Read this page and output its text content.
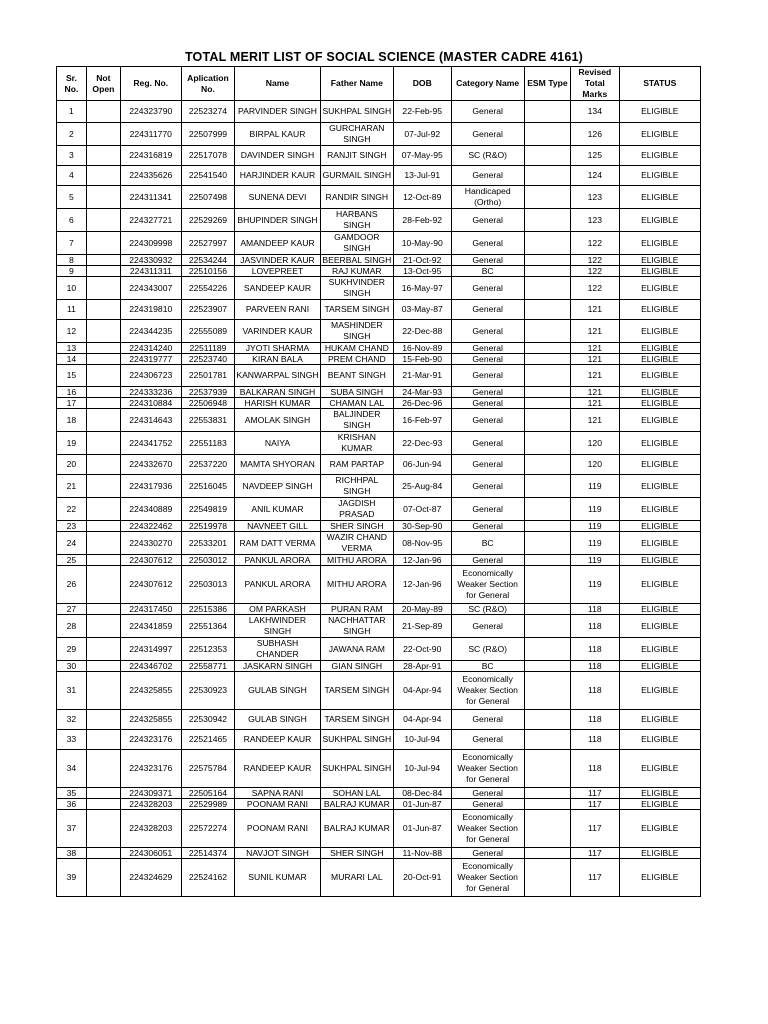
TOTAL MERIT LIST OF SOCIAL SCIENCE (MASTER CADRE 4161)
Sr. No.	Not Open	Reg. No.	Aplication No.	Name	Father Name	DOB	Category Name	ESM Type	Revised Total Marks	STATUS
1		224323790	22523274	PARVINDER SINGH	SUKHPAL SINGH	22-Feb-95	General		134	ELIGIBLE
2		224311770	22507999	BIRPAL KAUR	GURCHARAN SINGH	07-Jul-92	General		126	ELIGIBLE
3		224316819	22517078	DAVINDER SINGH	RANJIT SINGH	07-May-95	SC (R&O)		125	ELIGIBLE
4		224335626	22541540	HARJINDER KAUR	GURMAIL SINGH	13-Jul-91	General		124	ELIGIBLE
5		224311341	22507498	SUNENA DEVI	RANDIR SINGH	12-Oct-89	Handicaped (Ortho)		123	ELIGIBLE
6		224327721	22529269	BHUPINDER SINGH	HARBANS SINGH	28-Feb-92	General		123	ELIGIBLE
7		224309998	22527997	AMANDEEP KAUR	GAMDOOR SINGH	10-May-90	General		122	ELIGIBLE
8		224330932	22534244	JASVINDER KAUR	BEERBAL SINGH	21-Oct-92	General		122	ELIGIBLE
9		224311311	22510156	LOVEPREET	RAJ KUMAR	13-Oct-95	BC		122	ELIGIBLE
10		224343007	22554226	SANDEEP KAUR	SUKHVINDER SINGH	16-May-97	General		122	ELIGIBLE
11		224319810	22523907	PARVEEN RANI	TARSEM SINGH	03-May-87	General		121	ELIGIBLE
12		224344235	22555089	VARINDER KAUR	MASHINDER SINGH	22-Dec-88	General		121	ELIGIBLE
13		224314240	22511189	JYOTI SHARMA	HUKAM CHAND	16-Nov-89	General		121	ELIGIBLE
14		224319777	22523740	KIRAN BALA	PREM CHAND	15-Feb-90	General		121	ELIGIBLE
15		224306723	22501781	KANWARPAL SINGH	BEANT SINGH	21-Mar-91	General		121	ELIGIBLE
16		224333236	22537939	BALKARAN SINGH	SUBA SINGH	24-Mar-93	General		121	ELIGIBLE
17		224310884	22506948	HARISH KUMAR	CHAMAN LAL	26-Dec-96	General		121	ELIGIBLE
18		224314643	22553831	AMOLAK SINGH	BALJINDER SINGH	16-Feb-97	General		121	ELIGIBLE
19		224341752	22551183	NAIYA	KRISHAN KUMAR	22-Dec-93	General		120	ELIGIBLE
20		224332670	22537220	MAMTA SHYORAN	RAM PARTAP	06-Jun-94	General		120	ELIGIBLE
21		224317936	22516045	NAVDEEP SINGH	RICHHPAL SINGH	25-Aug-84	General		119	ELIGIBLE
22		224340889	22549819	ANIL KUMAR	JAGDISH PRASAD	07-Oct-87	General		119	ELIGIBLE
23		224322462	22519978	NAVNEET GILL	SHER SINGH	30-Sep-90	General		119	ELIGIBLE
24		224330270	22533201	RAM DATT VERMA	WAZIR CHAND VERMA	08-Nov-95	BC		119	ELIGIBLE
25		224307612	22503012	PANKUL ARORA	MITHU ARORA	12-Jan-96	General		119	ELIGIBLE
26		224307612	22503013	PANKUL ARORA	MITHU ARORA	12-Jan-96	Economically Weaker Section for General		119	ELIGIBLE
27		224317450	22515386	OM PARKASH	PURAN RAM	20-May-89	SC (R&O)		118	ELIGIBLE
28		224341859	22551364	LAKHWINDER SINGH	NACHHATTAR SINGH	21-Sep-89	General		118	ELIGIBLE
29		224314997	22512353	SUBHASH CHANDER	JAWANA RAM	22-Oct-90	SC (R&O)		118	ELIGIBLE
30		224346702	22558771	JASKARN SINGH	GIAN SINGH	28-Apr-91	BC		118	ELIGIBLE
31		224325855	22530923	GULAB SINGH	TARSEM SINGH	04-Apr-94	Economically Weaker Section for General		118	ELIGIBLE
32		224325855	22530942	GULAB SINGH	TARSEM SINGH	04-Apr-94	General		118	ELIGIBLE
33		224323176	22521465	RANDEEP KAUR	SUKHPAL SINGH	10-Jul-94	General		118	ELIGIBLE
34		224323176	22575784	RANDEEP KAUR	SUKHPAL SINGH	10-Jul-94	Economically Weaker Section for General		118	ELIGIBLE
35		224309371	22505164	SAPNA RANI	SOHAN LAL	08-Dec-84	General		117	ELIGIBLE
36		224328203	22529989	POONAM RANI	BALRAJ KUMAR	01-Jun-87	General		117	ELIGIBLE
37		224328203	22572274	POONAM RANI	BALRAJ KUMAR	01-Jun-87	Economically Weaker Section for General		117	ELIGIBLE
38		224306051	22514374	NAVJOT SINGH	SHER SINGH	11-Nov-88	General		117	ELIGIBLE
39		224324629	22524162	SUNIL KUMAR	MURARI LAL	20-Oct-91	Economically Weaker Section for General		117	ELIGIBLE
